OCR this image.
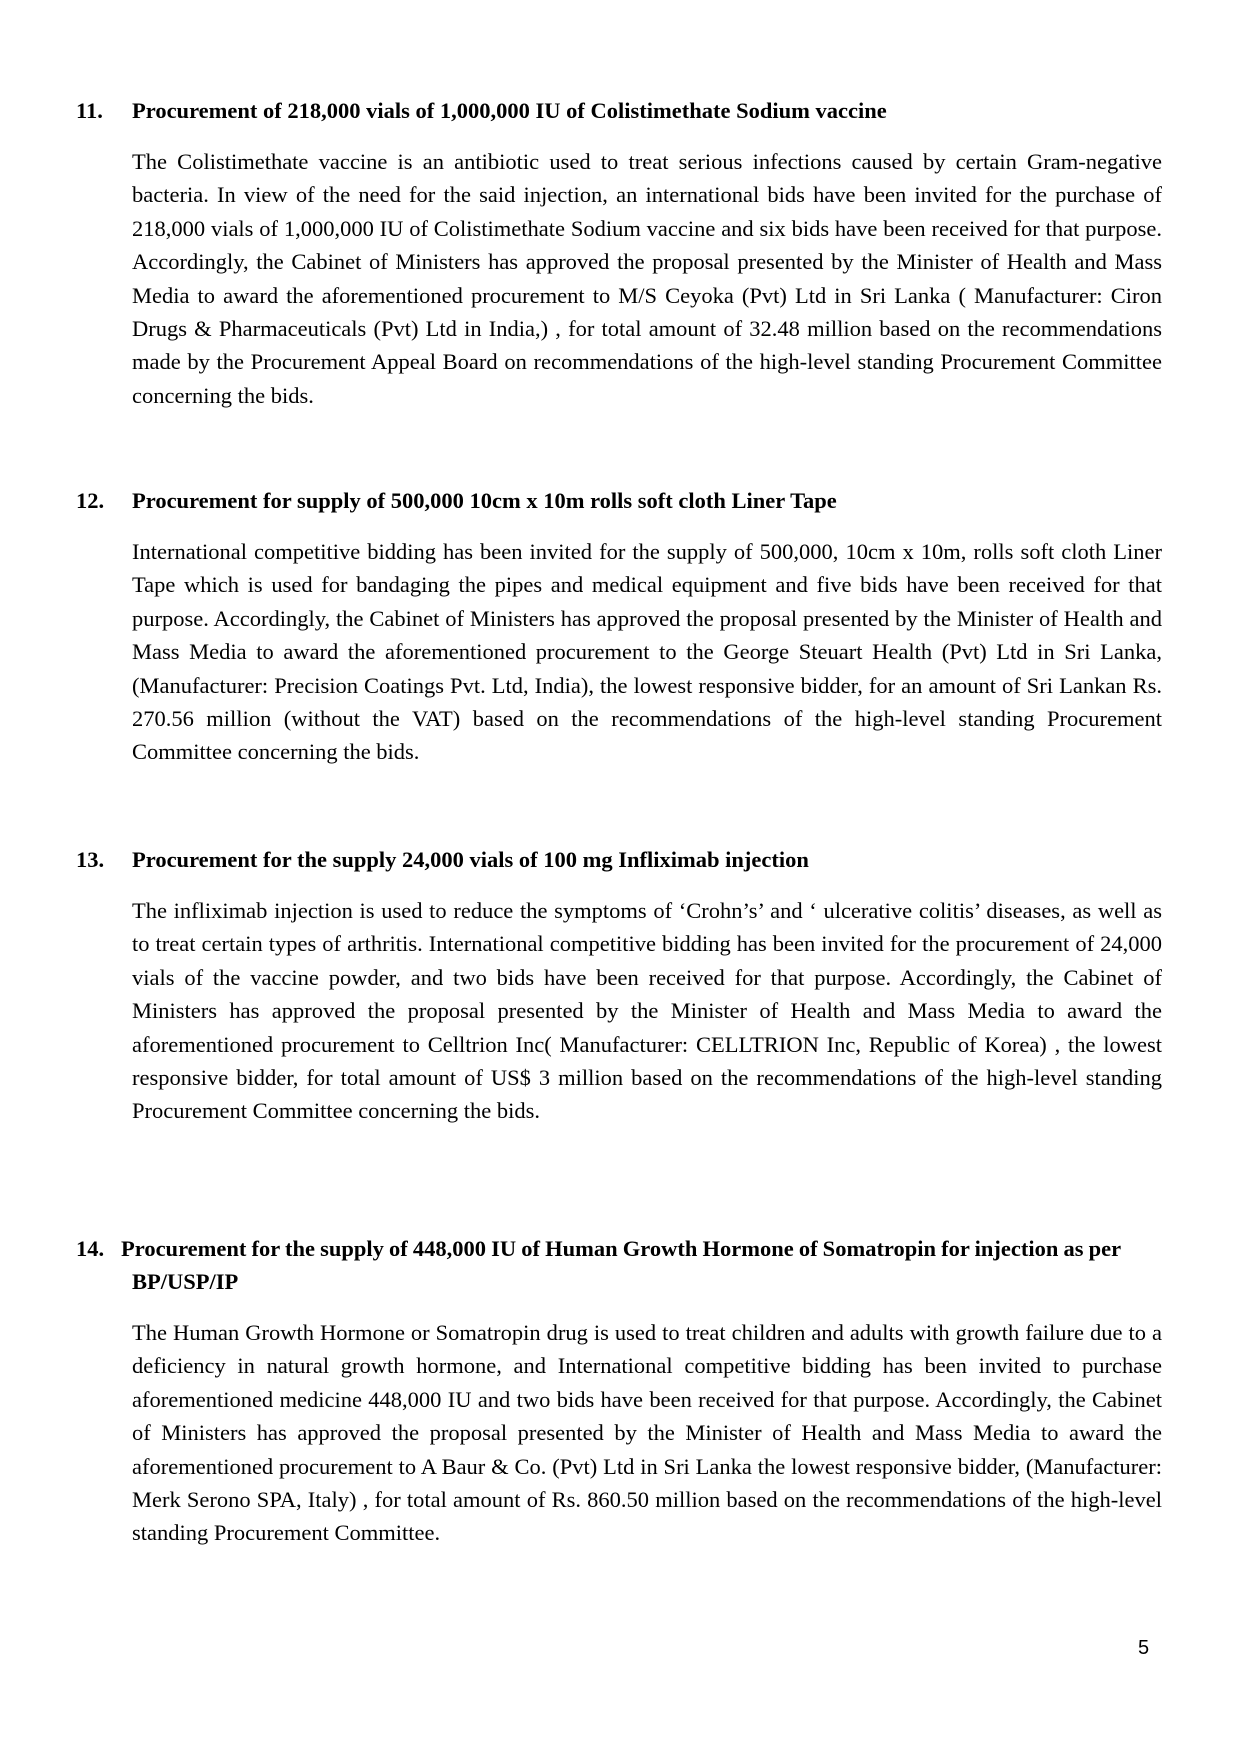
11. Procurement of 218,000 vials of 1,000,000 IU of Colistimethate Sodium vaccine

The Colistimethate vaccine is an antibiotic used to treat serious infections caused by certain Gram-negative bacteria. In view of the need for the said injection, an international bids have been invited for the purchase of 218,000 vials of 1,000,000 IU of Colistimethate Sodium vaccine and six bids have been received for that purpose. Accordingly, the Cabinet of Ministers has approved the proposal presented by the Minister of Health and Mass Media to award the aforementioned procurement to M/S Ceyoka (Pvt) Ltd in Sri Lanka ( Manufacturer: Ciron Drugs & Pharmaceuticals (Pvt) Ltd in India,) , for total amount of 32.48 million based on the recommendations made by the Procurement Appeal Board on recommendations of the high-level standing Procurement Committee concerning the bids.

12. Procurement for supply of 500,000 10cm x 10m rolls soft cloth Liner Tape

International competitive bidding has been invited for the supply of 500,000, 10cm x 10m, rolls soft cloth Liner Tape which is used for bandaging the pipes and medical equipment and five bids have been received for that purpose. Accordingly, the Cabinet of Ministers has approved the proposal presented by the Minister of Health and Mass Media to award the aforementioned procurement to the George Steuart Health (Pvt) Ltd in Sri Lanka, (Manufacturer: Precision Coatings Pvt. Ltd, India), the lowest responsive bidder, for an amount of Sri Lankan Rs. 270.56 million (without the VAT) based on the recommendations of the high-level standing Procurement Committee concerning the bids.

13. Procurement for the supply 24,000 vials of 100 mg Infliximab injection

The infliximab injection is used to reduce the symptoms of ‘Crohn’s’ and ‘ ulcerative colitis’ diseases, as well as to treat certain types of arthritis. International competitive bidding has been invited for the procurement of 24,000 vials of the vaccine powder, and two bids have been received for that purpose. Accordingly, the Cabinet of Ministers has approved the proposal presented by the Minister of Health and Mass Media to award the aforementioned procurement to Celltrion Inc( Manufacturer: CELLTRION Inc, Republic of Korea) , the lowest responsive bidder, for total amount of US$ 3 million based on the recommendations of the high-level standing Procurement Committee concerning the bids.

14. Procurement for the supply of 448,000 IU of Human Growth Hormone of Somatropin for injection as per BP/USP/IP

The Human Growth Hormone or Somatropin drug is used to treat children and adults with growth failure due to a deficiency in natural growth hormone, and International competitive bidding has been invited to purchase aforementioned medicine 448,000 IU and two bids have been received for that purpose. Accordingly, the Cabinet of Ministers has approved the proposal presented by the Minister of Health and Mass Media to award the aforementioned procurement to A Baur & Co. (Pvt) Ltd in Sri Lanka the lowest responsive bidder, (Manufacturer: Merk Serono SPA, Italy) , for total amount of Rs. 860.50 million based on the recommendations of the high-level standing Procurement Committee.

5
